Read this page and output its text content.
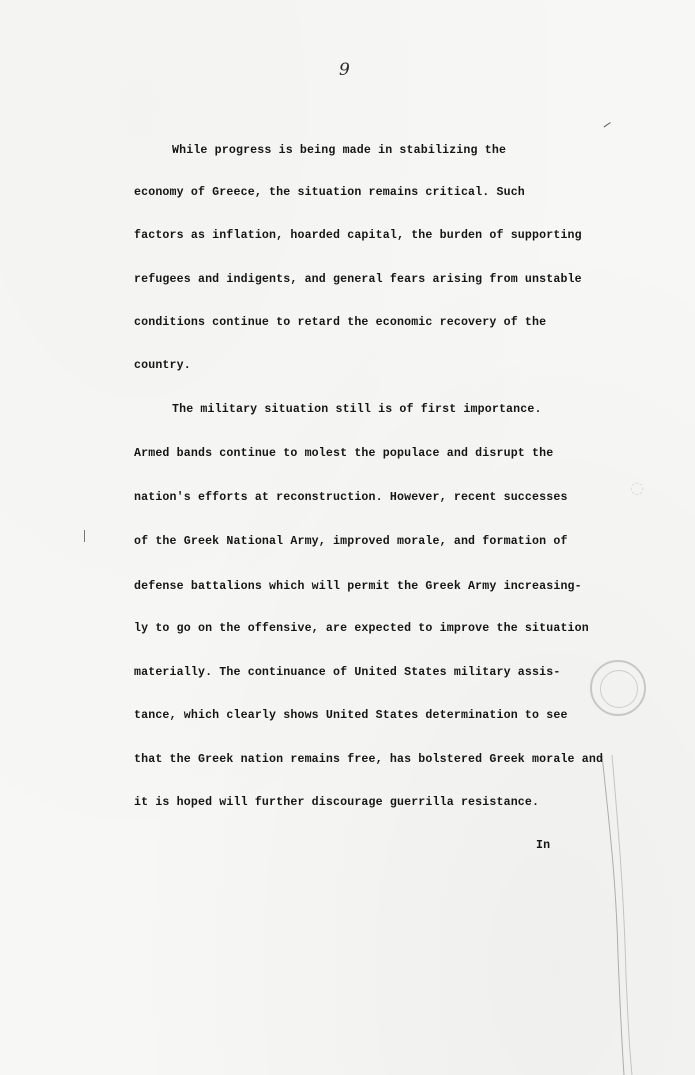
9
While progress is being made in stabilizing the
economy of Greece, the situation remains critical. Such
factors as inflation, hoarded capital, the burden of supporting
refugees and indigents, and general fears arising from unstable
conditions continue to retard the economic recovery of the
country.
The military situation still is of first importance.
Armed bands continue to molest the populace and disrupt the
nation's efforts at reconstruction. However, recent successes
of the Greek National Army, improved morale, and formation of
defense battalions which will permit the Greek Army increasing-
ly to go on the offensive, are expected to improve the situation
materially. The continuance of United States military assis-
tance, which clearly shows United States determination to see
that the Greek nation remains free, has bolstered Greek morale and
it is hoped will further discourage guerrilla resistance.
In
◌
